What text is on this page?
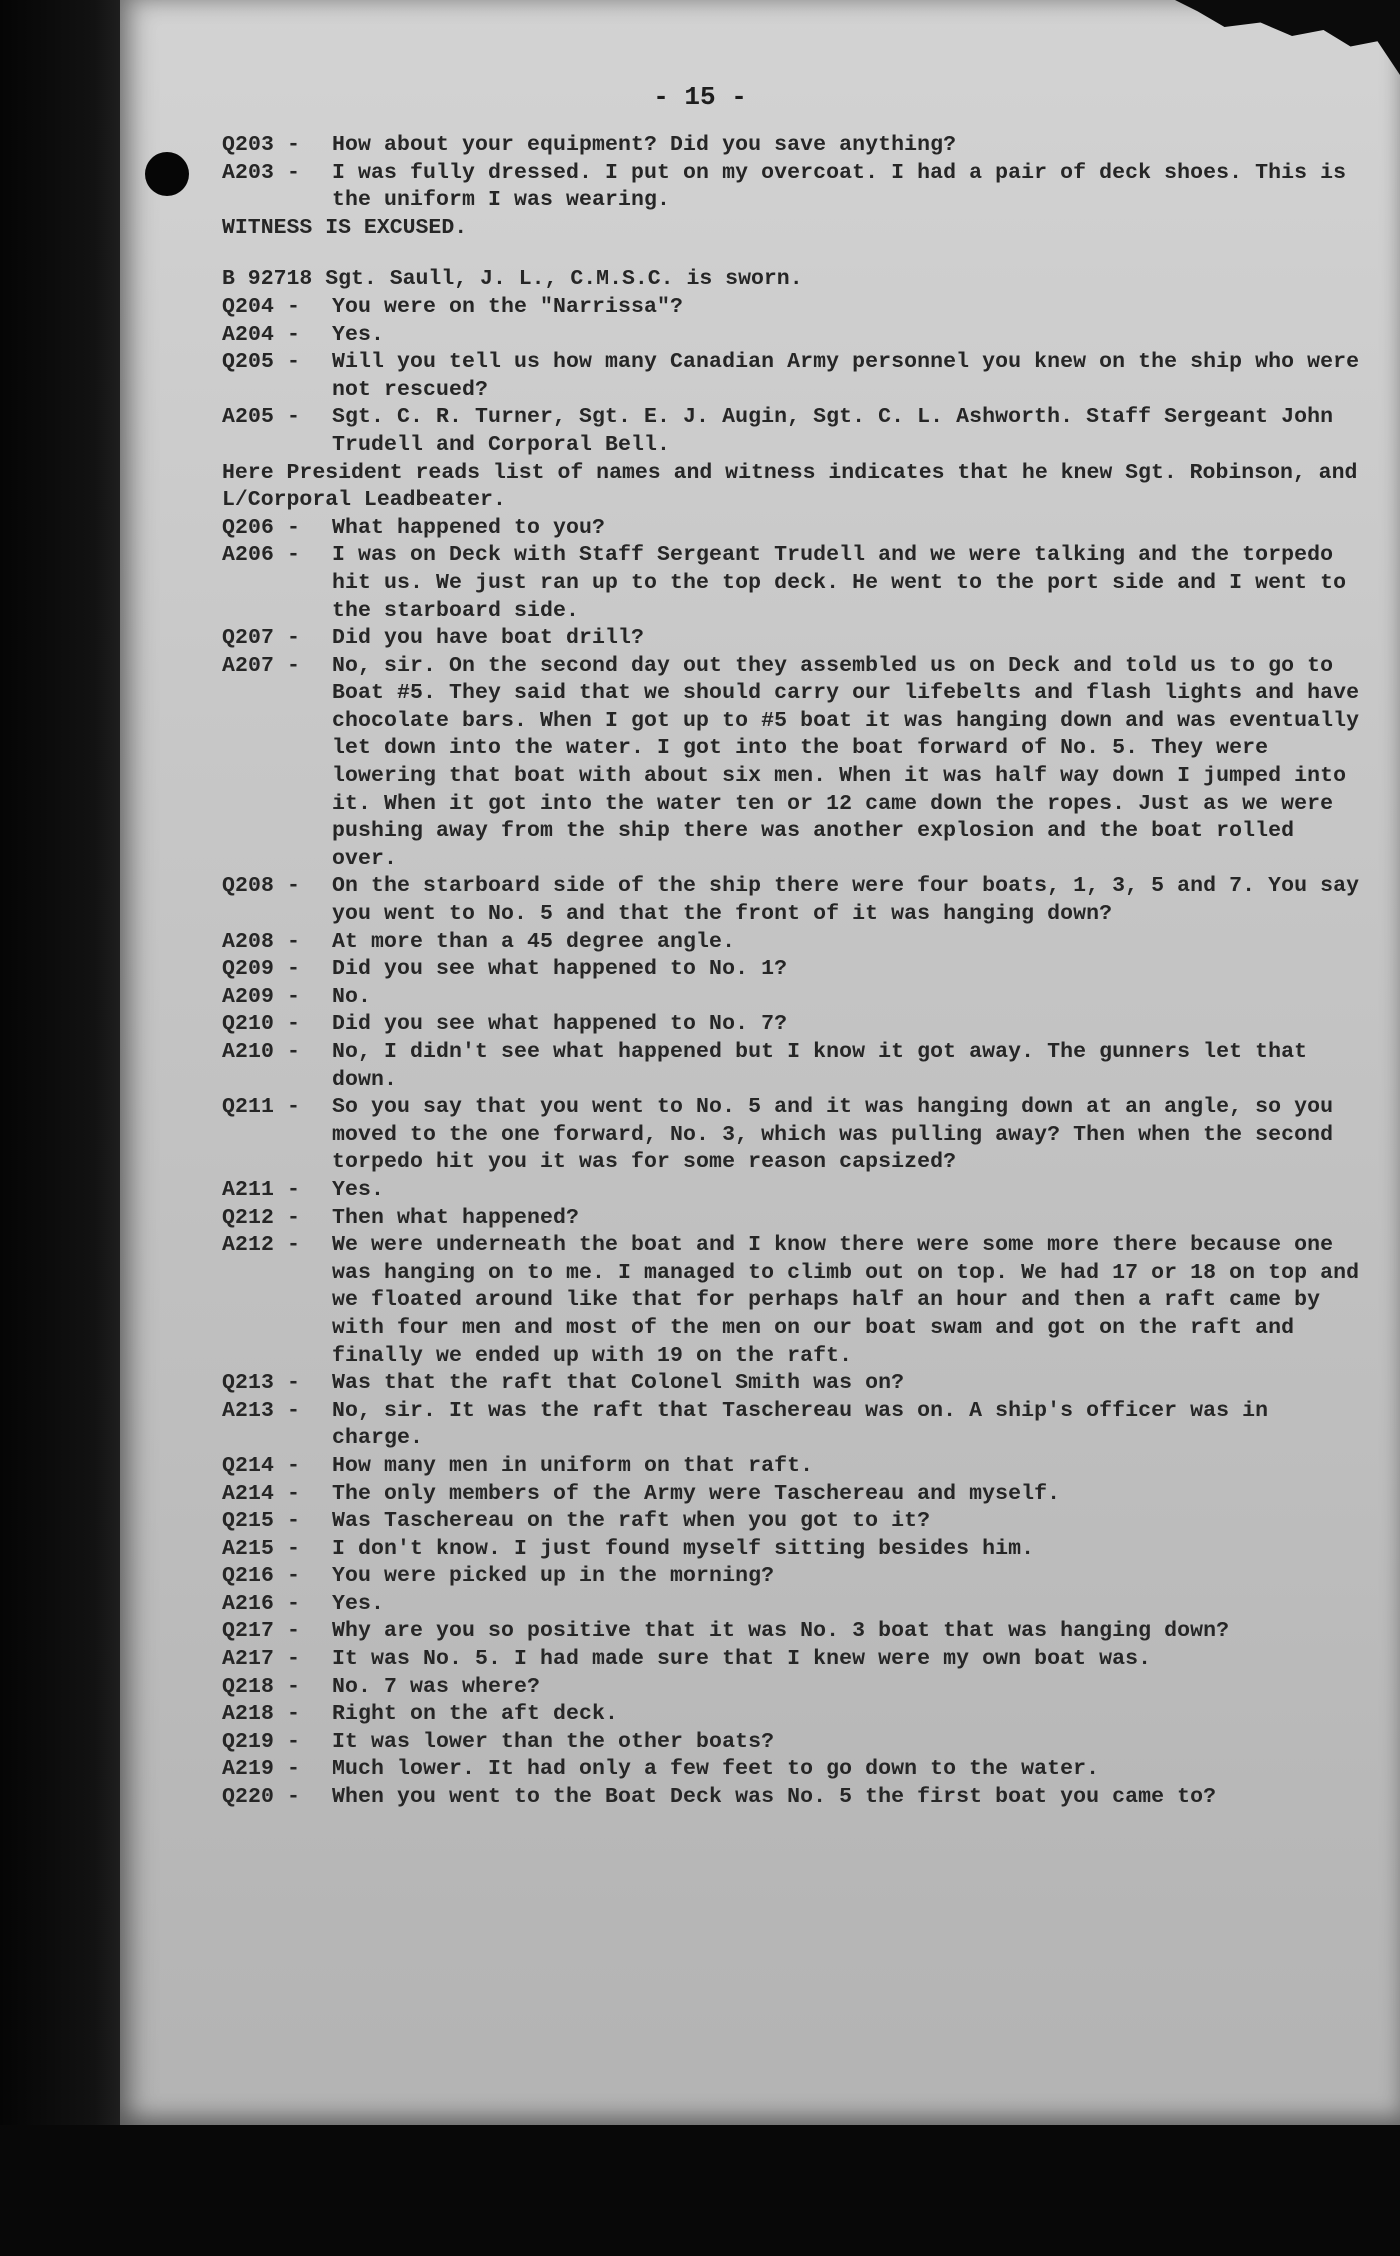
- 15 -
Q203 -	How about your equipment? Did you save anything?
A203 -	I was fully dressed. I put on my overcoat. I had a pair of deck shoes. This is the uniform I was wearing.
WITNESS IS EXCUSED.
B 92718 Sgt. Saull, J. L., C.M.S.C. is sworn.
Q204 -	You were on the "Narrissa"?
A204 -	Yes.
Q205 -	Will you tell us how many Canadian Army personnel you knew on the ship who were not rescued?
A205 -	Sgt. C. R. Turner, Sgt. E. J. Augin, Sgt. C. L. Ashworth. Staff Sergeant John Trudell and Corporal Bell.
Here President reads list of names and witness indicates that he knew Sgt. Robinson, and L/Corporal Leadbeater.
Q206 -	What happened to you?
A206 -	I was on Deck with Staff Sergeant Trudell and we were talking and the torpedo hit us. We just ran up to the top deck. He went to the port side and I went to the starboard side.
Q207 -	Did you have boat drill?
A207 -	No, sir. On the second day out they assembled us on Deck and told us to go to Boat #5. They said that we should carry our lifebelts and flash lights and have chocolate bars. When I got up to #5 boat it was hanging down and was eventually let down into the water. I got into the boat forward of No. 5. They were lowering that boat with about six men. When it was half way down I jumped into it. When it got into the water ten or 12 came down the ropes. Just as we were pushing away from the ship there was another explosion and the boat rolled over.
Q208 -	On the starboard side of the ship there were four boats, 1, 3, 5 and 7. You say you went to No. 5 and that the front of it was hanging down?
A208 -	At more than a 45 degree angle.
Q209 -	Did you see what happened to No. 1?
A209 -	No.
Q210 -	Did you see what happened to No. 7?
A210 -	No, I didn't see what happened but I know it got away. The gunners let that down.
Q211 -	So you say that you went to No. 5 and it was hanging down at an angle, so you moved to the one forward, No. 3, which was pulling away? Then when the second torpedo hit you it was for some reason capsized?
A211 -	Yes.
Q212 -	Then what happened?
A212 -	We were underneath the boat and I know there were some more there because one was hanging on to me. I managed to climb out on top. We had 17 or 18 on top and we floated around like that for perhaps half an hour and then a raft came by with four men and most of the men on our boat swam and got on the raft and finally we ended up with 19 on the raft.
Q213 -	Was that the raft that Colonel Smith was on?
A213 -	No, sir. It was the raft that Taschereau was on. A ship's officer was in charge.
Q214 -	How many men in uniform on that raft.
A214 -	The only members of the Army were Taschereau and myself.
Q215 -	Was Taschereau on the raft when you got to it?
A215 -	I don't know. I just found myself sitting besides him.
Q216 -	You were picked up in the morning?
A216 -	Yes.
Q217 -	Why are you so positive that it was No. 3 boat that was hanging down?
A217 -	It was No. 5. I had made sure that I knew were my own boat was.
Q218 -	No. 7 was where?
A218 -	Right on the aft deck.
Q219 -	It was lower than the other boats?
A219 -	Much lower. It had only a few feet to go down to the water.
Q220 -	When you went to the Boat Deck was No. 5 the first boat you came to?
